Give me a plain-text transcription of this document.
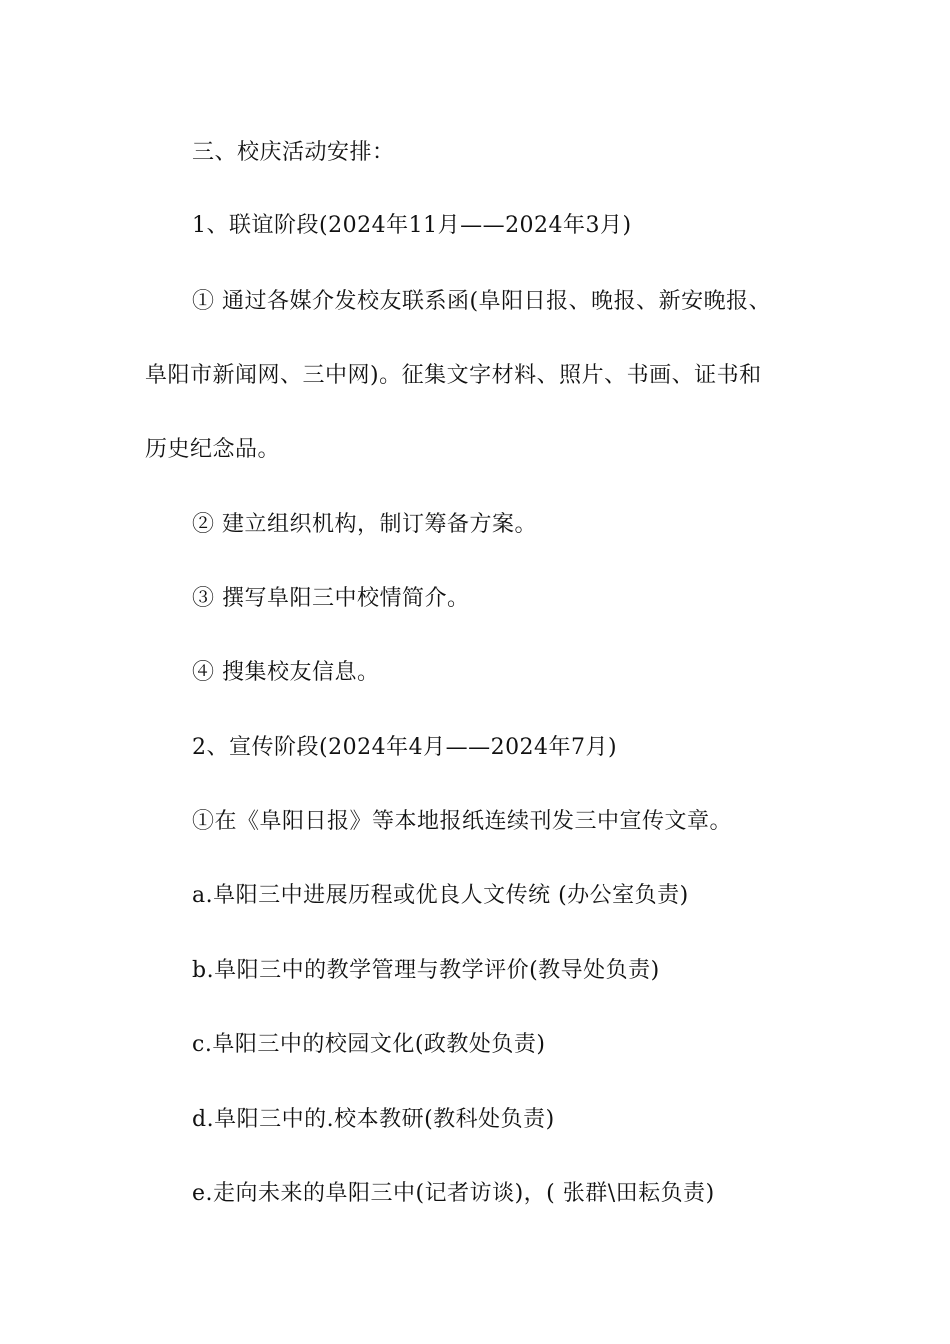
三、校庆活动安排：
1、联谊阶段(2024年11月——2024年3月)
① 通过各媒介发校友联系函(阜阳日报、晚报、新安晚报、
阜阳市新闻网、三中网)。征集文字材料、照片、书画、证书和
历史纪念品。
② 建立组织机构，制订筹备方案。
③ 撰写阜阳三中校情简介。
④ 搜集校友信息。
2、宣传阶段(2024年4月——2024年7月)
①在《阜阳日报》等本地报纸连续刊发三中宣传文章。
a.阜阳三中进展历程或优良人文传统 (办公室负责)
b.阜阳三中的教学管理与教学评价(教导处负责)
c.阜阳三中的校园文化(政教处负责)
d.阜阳三中的.校本教研(教科处负责)
e.走向未来的阜阳三中(记者访谈)，( 张群\田耘负责)
